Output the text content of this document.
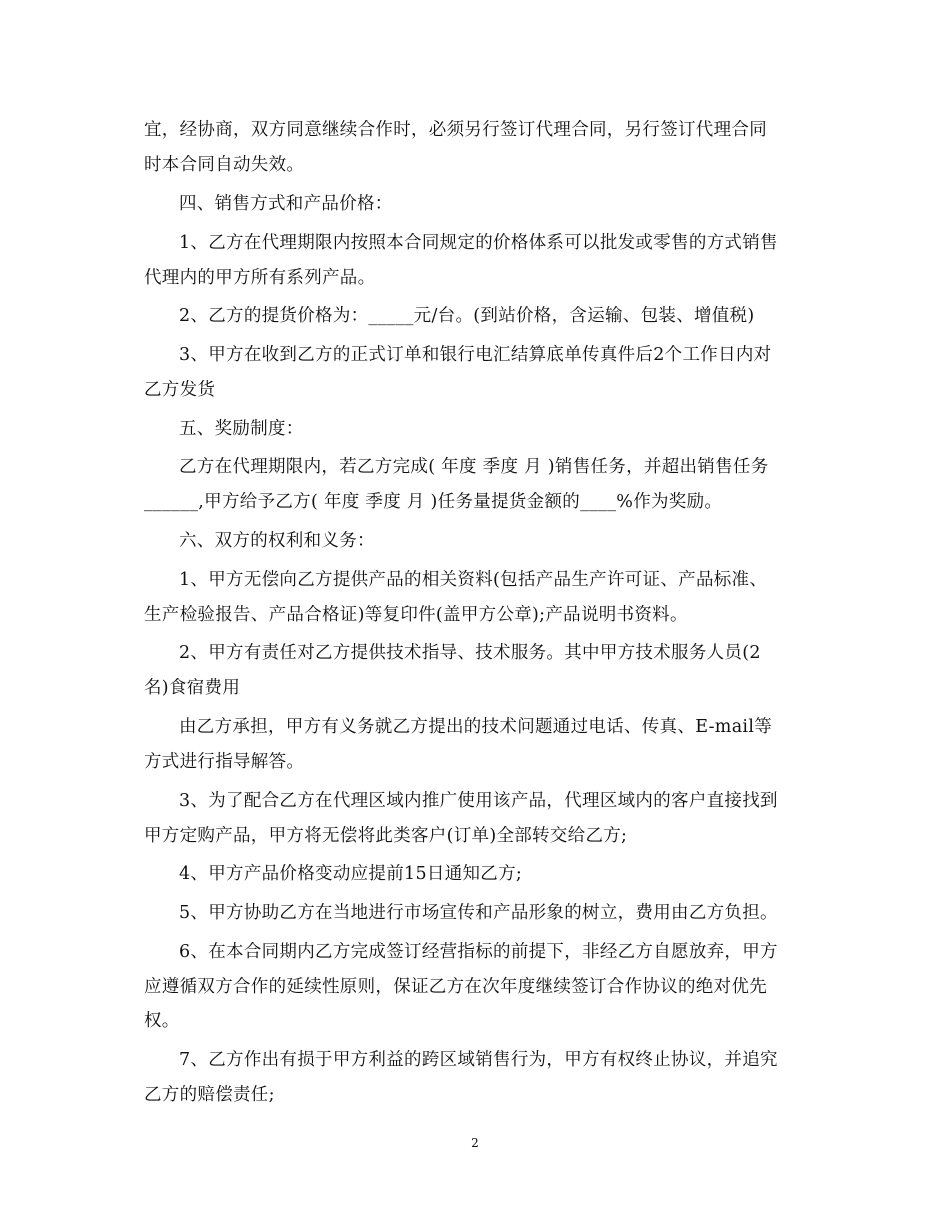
宜，经协商，双方同意继续合作时，必须另行签订代理合同，另行签订代理合同
时本合同自动失效。
四、销售方式和产品价格：
1、乙方在代理期限内按照本合同规定的价格体系可以批发或零售的方式销售
代理内的甲方所有系列产品。
2、乙方的提货价格为：_____元/台。(到站价格，含运输、包装、增值税)
3、甲方在收到乙方的正式订单和银行电汇结算底单传真件后2个工作日内对
乙方发货
五、奖励制度：
乙方在代理期限内，若乙方完成( 年度 季度 月 )销售任务，并超出销售任务
______,甲方给予乙方( 年度 季度 月 )任务量提货金额的____%作为奖励。
六、双方的权利和义务：
1、甲方无偿向乙方提供产品的相关资料(包括产品生产许可证、产品标准、
生产检验报告、产品合格证)等复印件(盖甲方公章);产品说明书资料。
2、甲方有责任对乙方提供技术指导、技术服务。其中甲方技术服务人员(2
名)食宿费用
由乙方承担，甲方有义务就乙方提出的技术问题通过电话、传真、E-mail等
方式进行指导解答。
3、为了配合乙方在代理区域内推广使用该产品，代理区域内的客户直接找到
甲方定购产品，甲方将无偿将此类客户(订单)全部转交给乙方;
4、甲方产品价格变动应提前15日通知乙方;
5、甲方协助乙方在当地进行市场宣传和产品形象的树立，费用由乙方负担。
6、在本合同期内乙方完成签订经营指标的前提下，非经乙方自愿放弃，甲方
应遵循双方合作的延续性原则，保证乙方在次年度继续签订合作协议的绝对优先
权。
7、乙方作出有损于甲方利益的跨区域销售行为，甲方有权终止协议，并追究
乙方的赔偿责任;
2
